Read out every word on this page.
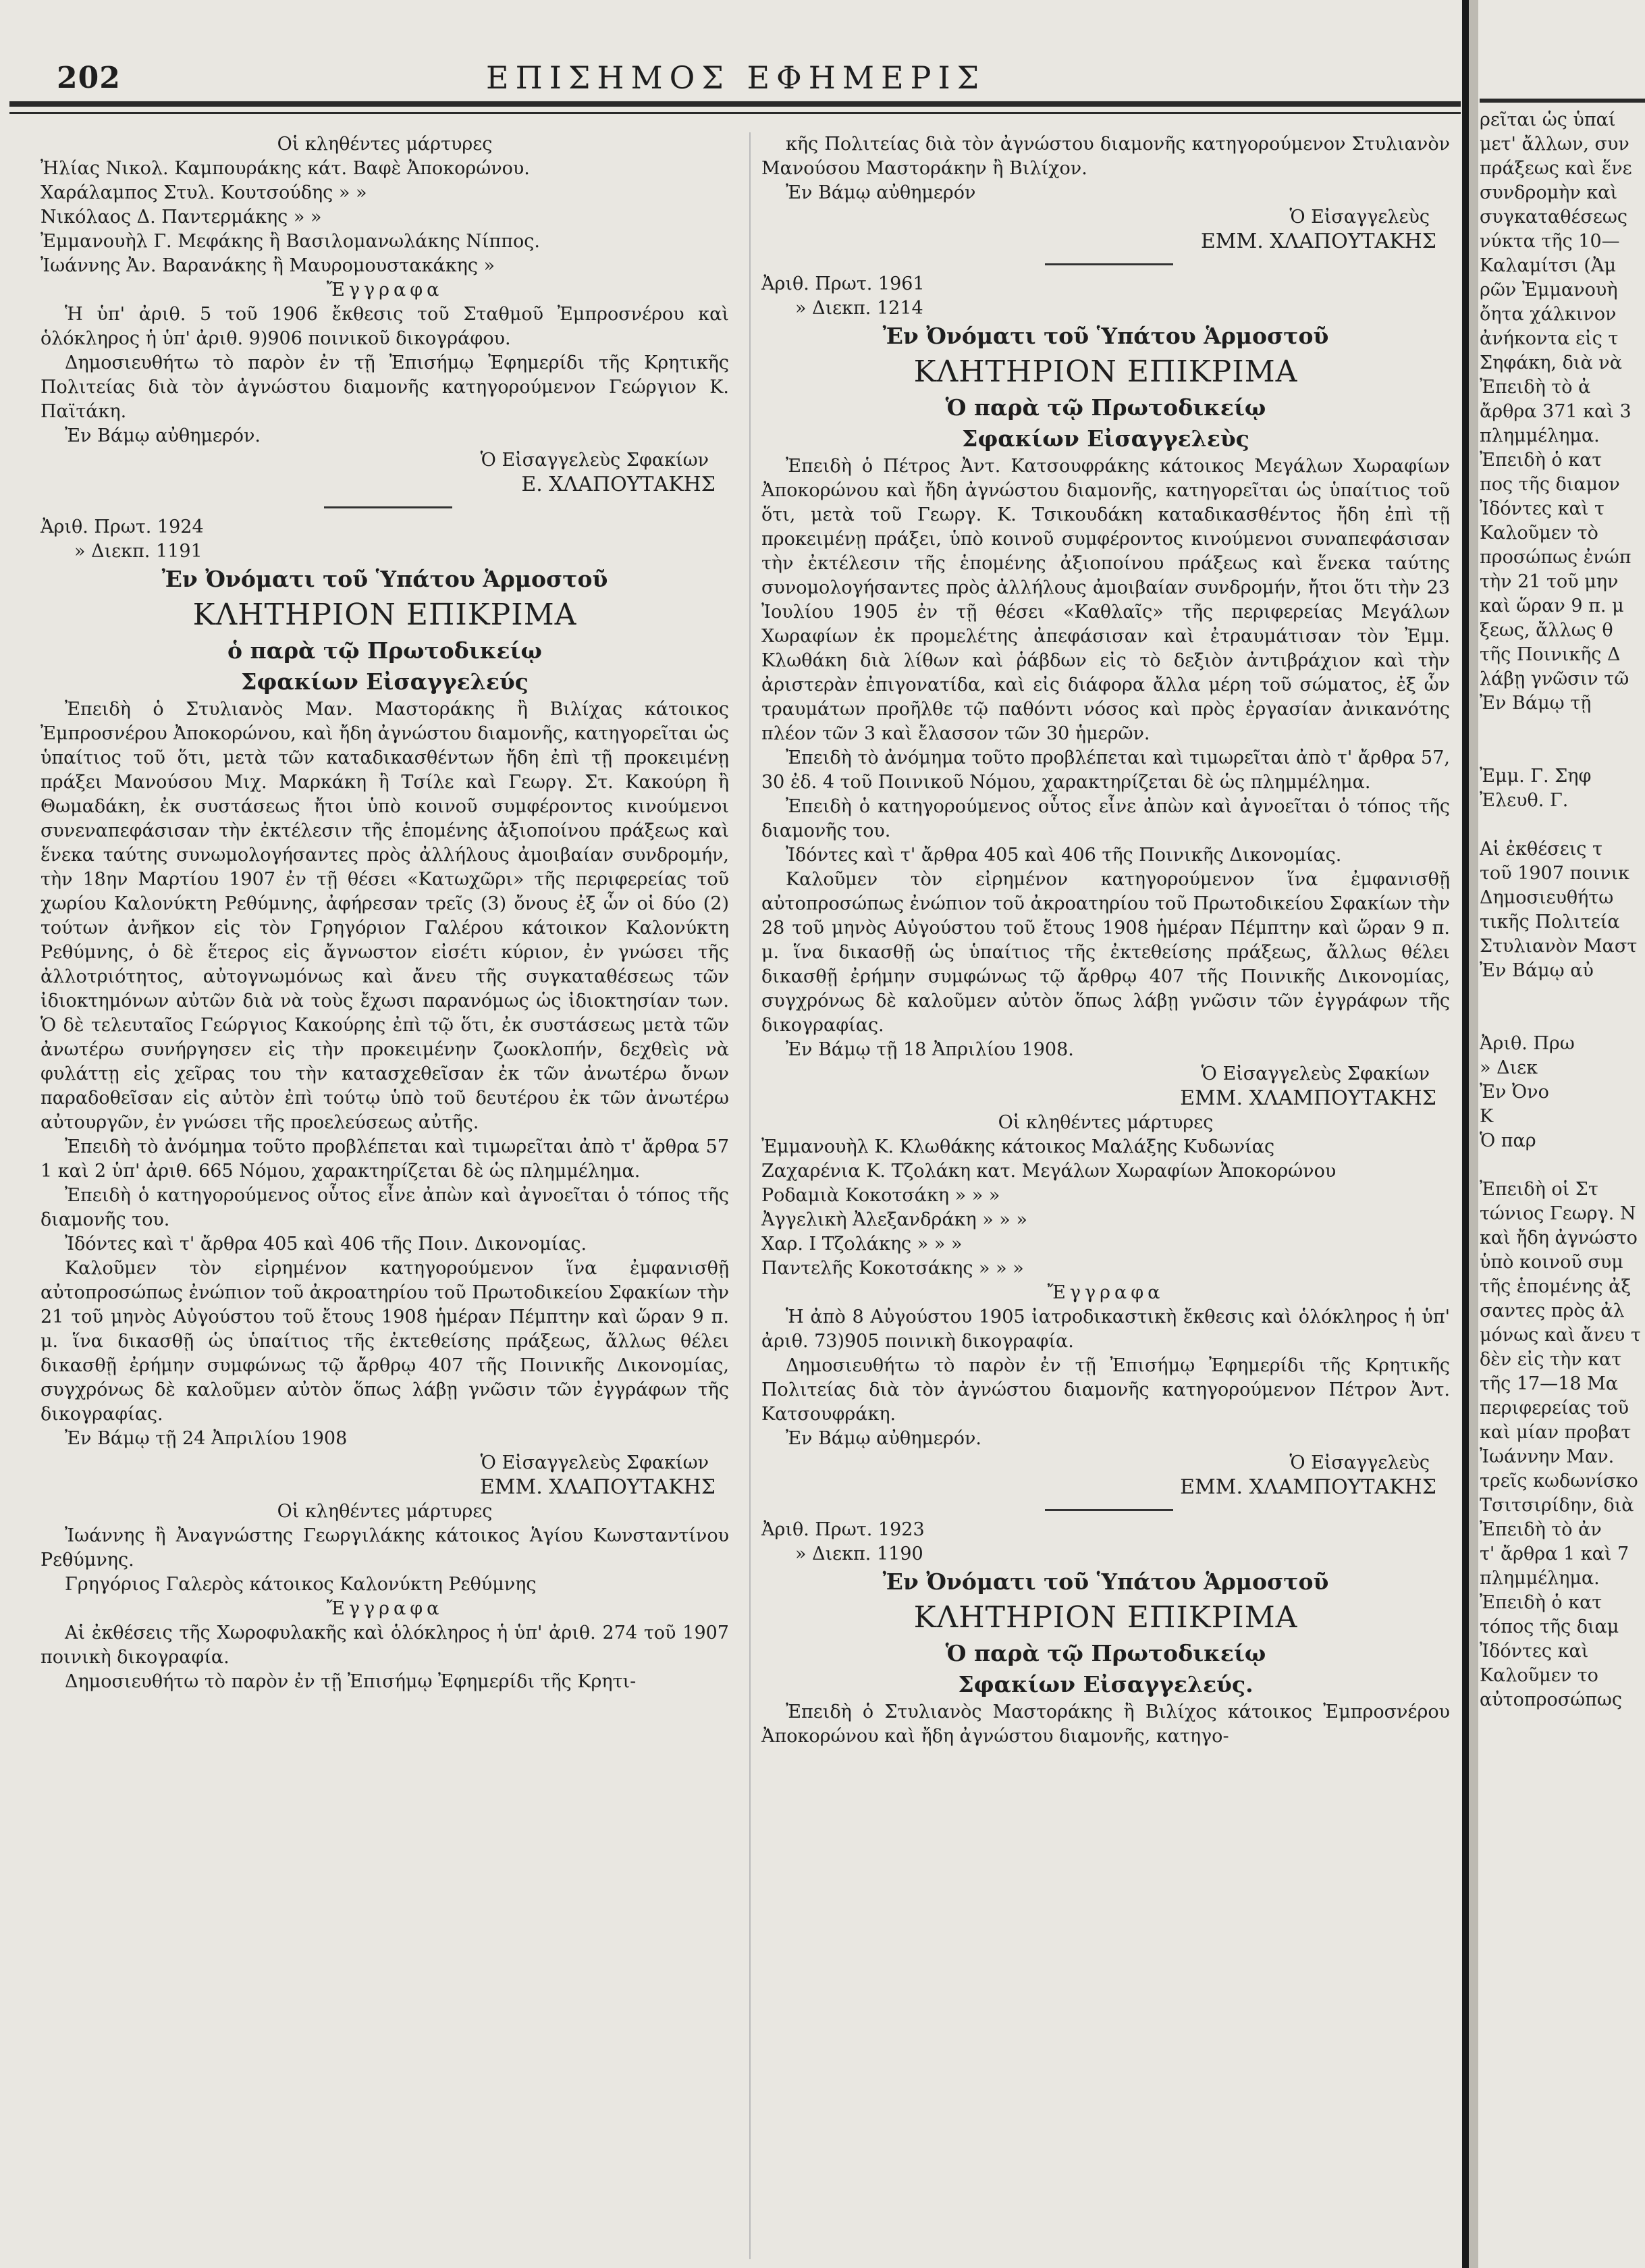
202	ΕΠΙΣΗΜΟΣ ΕΦΗΜΕΡΙΣ

Οἱ κληθέντες μάρτυρες

Ἠλίας Νικολ. Καμπουράκης κάτ. Βαφὲ Ἀποκορώνου.

Χαράλαμπος Στυλ. Κουτσούδης » »

Νικόλαος Δ. Παντερμάκης » »

Ἐμμανουὴλ Γ. Μεφάκης ἢ Βασιλομανωλάκης Νίππος.

Ἰωάννης Ἀν. Βαρανάκης ἢ Μαυρομουστακάκης »

Ἔγγραφα

Ἡ ὑπ' ἀριθ. 5 τοῦ 1906 ἔκθεσις τοῦ Σταθμοῦ Ἐμπροσνέρου καὶ ὁλόκληρος ἡ ὑπ' ἀριθ. 9)906 ποινικοῦ δικογράφου.

Δημοσιευθήτω τὸ παρὸν ἐν τῇ Ἐπισήμῳ Ἐφημερίδι τῆς Κρητικῆς Πολιτείας διὰ τὸν ἀγνώστου διαμονῆς κατηγορούμενον Γεώργιον Κ. Παϊτάκη.

Ἐν Βάμῳ αὐθημερόν.

Ὁ Εἰσαγγελεὺς Σφακίων

Ε. ΧΛΑΠΟΥΤΑΚΗΣ

Ἀριθ. Πρωτ. 1924

» Διεκπ. 1191

Ἐν Ὀνόματι τοῦ Ὑπάτου Ἁρμοστοῦ

ΚΛΗΤΗΡΙΟΝ ΕΠΙΚΡΙΜΑ

ὁ παρὰ τῷ Πρωτοδικείῳ Σφακίων Εἰσαγγελεύς

Ἐπειδὴ ὁ Στυλιανὸς Μαν. Μαστοράκης ἢ Βιλίχας κάτοικος Ἐμπροσνέρου Ἀποκορώνου, καὶ ἤδη ἀγνώστου διαμονῆς, κατηγορεῖται ὡς ὑπαίτιος τοῦ ὅτι, μετὰ τῶν καταδικασθέντων ἤδη ἐπὶ τῇ προκειμένῃ πράξει Μανούσου Μιχ. Μαρκάκη ἢ Τσίλε καὶ Γεωργ. Στ. Κακούρη ἢ Θωμαδάκη, ἐκ συστάσεως ἤτοι ὑπὸ κοινοῦ συμφέροντος κινούμενοι συνεναπεφάσισαν τὴν ἐκτέλεσιν τῆς ἑπομένης ἀξιοποίνου πράξεως καὶ ἕνεκα ταύτης συνωμολογήσαντες πρὸς ἀλλήλους ἀμοιβαίαν συνδρομήν, τὴν 18ην Μαρτίου 1907 ἐν τῇ θέσει «Κατωχῶρι» τῆς περιφερείας τοῦ χωρίου Καλονύκτη Ρεθύμνης, ἀφήρεσαν τρεῖς (3) ὄνους ἐξ ὧν οἱ δύο (2) τούτων ἀνῆκον εἰς τὸν Γρηγόριον Γαλέρου κάτοικον Καλονύκτη Ρεθύμνης, ὁ δὲ ἕτερος εἰς ἄγνωστον εἰσέτι κύριον, ἐν γνώσει τῆς ἀλλοτριότητος, αὐτογνωμόνως καὶ ἄνευ τῆς συγκαταθέσεως τῶν ἰδιοκτημόνων αὐτῶν διὰ νὰ τοὺς ἔχωσι παρανόμως ὡς ἰδιοκτησίαν των. Ὁ δὲ τελευταῖος Γεώργιος Κακούρης ἐπὶ τῷ ὅτι, ἐκ συστάσεως μετὰ τῶν ἀνωτέρω συνήργησεν εἰς τὴν προκειμένην ζωοκλοπήν, δεχθεὶς νὰ φυλάττῃ εἰς χεῖρας του τὴν κατασχεθεῖσαν ἐκ τῶν ἀνωτέρω ὄνων παραδοθεῖσαν εἰς αὐτὸν ἐπὶ τούτῳ ὑπὸ τοῦ δευτέρου ἐκ τῶν ἀνωτέρω αὐτουργῶν, ἐν γνώσει τῆς προελεύσεως αὐτῆς.

Ἐπειδὴ τὸ ἀνόμημα τοῦτο προβλέπεται καὶ τιμωρεῖται ἀπὸ τ' ἄρθρα 57 1 καὶ 2 ὑπ' ἀριθ. 665 Νόμου, χαρακτηρίζεται δὲ ὡς πλημμέλημα.

Ἐπειδὴ ὁ κατηγορούμενος οὗτος εἶνε ἀπὼν καὶ ἀγνοεῖται ὁ τόπος τῆς διαμονῆς του.

Ἰδόντες καὶ τ' ἄρθρα 405 καὶ 406 τῆς Ποιν. Δικονομίας.

Καλοῦμεν τὸν εἰρημένον κατηγορούμενον ἵνα ἐμφανισθῇ αὐτοπροσώπως ἐνώπιον τοῦ ἀκροατηρίου τοῦ Πρωτοδικείου Σφακίων τὴν 21 τοῦ μηνὸς Αὐγούστου τοῦ ἔτους 1908 ἡμέραν Πέμπτην καὶ ὥραν 9 π. μ. ἵνα δικασθῇ ὡς ὑπαίτιος τῆς ἐκτεθείσης πράξεως, ἄλλως θέλει δικασθῇ ἐρήμην συμφώνως τῷ ἄρθρῳ 407 τῆς Ποινικῆς Δικονομίας, συγχρόνως δὲ καλοῦμεν αὐτὸν ὅπως λάβῃ γνῶσιν τῶν ἐγγράφων τῆς δικογραφίας.

Ἐν Βάμῳ τῇ 24 Ἀπριλίου 1908

Ὁ Εἰσαγγελεὺς Σφακίων

ΕΜΜ. ΧΛΑΠΟΥΤΑΚΗΣ

Οἱ κληθέντες μάρτυρες

Ἰωάννης ἢ Ἀναγνώστης Γεωργιλάκης κάτοικος Ἁγίου Κωνσταντίνου Ρεθύμνης.

Γρηγόριος Γαλερὸς κάτοικος Καλονύκτη Ρεθύμνης

Ἔγγραφα

Αἱ ἐκθέσεις τῆς Χωροφυλακῆς καὶ ὁλόκληρος ἡ ὑπ' ἀριθ. 274 τοῦ 1907 ποινικὴ δικογραφία.

Δημοσιευθήτω τὸ παρὸν ἐν τῇ Ἐπισήμῳ Ἐφημερίδι τῆς Κρητι-

κῆς Πολιτείας διὰ τὸν ἀγνώστου διαμονῆς κατηγορούμενον Στυλιανὸν Μανούσου Μαστοράκην ἢ Βιλίχον.

Ἐν Βάμῳ αὐθημερόν

Ὁ Εἰσαγγελεὺς

ΕΜΜ. ΧΛΑΠΟΥΤΑΚΗΣ

Ἀριθ. Πρωτ. 1961

» Διεκπ. 1214

Ἐν Ὀνόματι τοῦ Ὑπάτου Ἁρμοστοῦ

ΚΛΗΤΗΡΙΟΝ ΕΠΙΚΡΙΜΑ

Ὁ παρὰ τῷ Πρωτοδικείῳ Σφακίων Εἰσαγγελεὺς

Ἐπειδὴ ὁ Πέτρος Ἀντ. Κατσουφράκης κάτοικος Μεγάλων Χωραφίων Ἀποκορώνου καὶ ἤδη ἀγνώστου διαμονῆς, κατηγορεῖται ὡς ὑπαίτιος τοῦ ὅτι, μετὰ τοῦ Γεωργ. Κ. Τσικουδάκη καταδικασθέντος ἤδη ἐπὶ τῇ προκειμένῃ πράξει, ὑπὸ κοινοῦ συμφέροντος κινούμενοι συναπεφάσισαν τὴν ἐκτέλεσιν τῆς ἑπομένης ἀξιοποίνου πράξεως καὶ ἕνεκα ταύτης συνομολογήσαντες πρὸς ἀλλήλους ἀμοιβαίαν συνδρομήν, ἤτοι ὅτι τὴν 23 Ἰουλίου 1905 ἐν τῇ θέσει «Καθλαῖς» τῆς περιφερείας Μεγάλων Χωραφίων ἐκ προμελέτης ἀπεφάσισαν καὶ ἐτραυμάτισαν τὸν Ἐμμ. Κλωθάκη διὰ λίθων καὶ ῥάβδων εἰς τὸ δεξιὸν ἀντιβράχιον καὶ τὴν ἀριστερὰν ἐπιγονατίδα, καὶ εἰς διάφορα ἄλλα μέρη τοῦ σώματος, ἐξ ὧν τραυμάτων προῆλθε τῷ παθόντι νόσος καὶ πρὸς ἐργασίαν ἀνικανότης πλέον τῶν 3 καὶ ἔλασσον τῶν 30 ἡμερῶν.

Ἐπειδὴ τὸ ἀνόμημα τοῦτο προβλέπεται καὶ τιμωρεῖται ἀπὸ τ' ἄρθρα 57, 30 ἐδ. 4 τοῦ Ποινικοῦ Νόμου, χαρακτηρίζεται δὲ ὡς πλημμέλημα.

Ἐπειδὴ ὁ κατηγορούμενος οὗτος εἶνε ἀπὼν καὶ ἀγνοεῖται ὁ τόπος τῆς διαμονῆς του.

Ἰδόντες καὶ τ' ἄρθρα 405 καὶ 406 τῆς Ποινικῆς Δικονομίας.

Καλοῦμεν τὸν εἰρημένον κατηγορούμενον ἵνα ἐμφανισθῇ αὐτοπροσώπως ἐνώπιον τοῦ ἀκροατηρίου τοῦ Πρωτοδικείου Σφακίων τὴν 28 τοῦ μηνὸς Αὐγούστου τοῦ ἔτους 1908 ἡμέραν Πέμπτην καὶ ὥραν 9 π. μ. ἵνα δικασθῇ ὡς ὑπαίτιος τῆς ἐκτεθείσης πράξεως, ἄλλως θέλει δικασθῇ ἐρήμην συμφώνως τῷ ἄρθρῳ 407 τῆς Ποινικῆς Δικονομίας, συγχρόνως δὲ καλοῦμεν αὐτὸν ὅπως λάβῃ γνῶσιν τῶν ἐγγράφων τῆς δικογραφίας.

Ἐν Βάμῳ τῇ 18 Ἀπριλίου 1908.

Ὁ Εἰσαγγελεὺς Σφακίων

ΕΜΜ. ΧΛΑΜΠΟΥΤΑΚΗΣ

Οἱ κληθέντες μάρτυρες

Ἐμμανουὴλ Κ. Κλωθάκης κάτοικος Μαλάξης Κυδωνίας

Ζαχαρένια Κ. Τζολάκη κατ. Μεγάλων Χωραφίων Ἀποκορώνου

Ροδαμιὰ Κοκοτσάκη » » »

Ἀγγελικὴ Ἀλεξανδράκη » » »

Χαρ. Ι Τζολάκης » » »

Παντελῆς Κοκοτσάκης » » »

Ἔγγραφα

Ἡ ἀπὸ 8 Αὐγούστου 1905 ἰατροδικαστικὴ ἔκθεσις καὶ ὁλόκληρος ἡ ὑπ' ἀριθ. 73)905 ποινικὴ δικογραφία.

Δημοσιευθήτω τὸ παρὸν ἐν τῇ Ἐπισήμῳ Ἐφημερίδι τῆς Κρητικῆς Πολιτείας διὰ τὸν ἀγνώστου διαμονῆς κατηγορούμενον Πέτρον Ἀντ. Κατσουφράκη.

Ἐν Βάμῳ αὐθημερόν.

Ὁ Εἰσαγγελεὺς

ΕΜΜ. ΧΛΑΜΠΟΥΤΑΚΗΣ

Ἀριθ. Πρωτ. 1923

» Διεκπ. 1190

Ἐν Ὀνόματι τοῦ Ὑπάτου Ἁρμοστοῦ

ΚΛΗΤΗΡΙΟΝ ΕΠΙΚΡΙΜΑ

Ὁ παρὰ τῷ Πρωτοδικείῳ Σφακίων Εἰσαγγελεύς.

Ἐπειδὴ ὁ Στυλιανὸς Μαστοράκης ἢ Βιλίχος κάτοικος Ἐμπροσνέρου Ἀποκορώνου καὶ ἤδη ἀγνώστου διαμονῆς, κατηγο-

ρεῖται ὡς ὑπαί

μετ' ἄλλων, συν

πράξεως καὶ ἕνε

συνδρομὴν καὶ

συγκαταθέσεως

νύκτα τῆς 10—

Καλαμίτσι (Ἀμ

ρῶν Ἐμμανουὴ

ὄητα χάλκινον

ἀνήκοντα εἰς τ

Σηφάκη, διὰ νὰ

Ἐπειδὴ τὸ ἀ

ἄρθρα 371 καὶ 3

πλημμέλημα.

Ἐπειδὴ ὁ κατ

πος τῆς διαμον

Ἰδόντες καὶ τ

Καλοῦμεν τὸ

προσώπως ἐνώπ

τὴν 21 τοῦ μην

καὶ ὥραν 9 π. μ

ξεως, ἄλλως θ

τῆς Ποινικῆς Δ

λάβῃ γνῶσιν τῶ

Ἐν Βάμῳ τῇ

Ἐμμ. Γ. Σηφ

Ἐλευθ. Γ.

Αἱ ἐκθέσεις τ

τοῦ 1907 ποινικ

Δημοσιευθήτω

τικῆς Πολιτεία

Στυλιανὸν Μαστ

Ἐν Βάμῳ αὐ

Ἀριθ. Πρω

» Διεκ

Ἐν Ὀνο

Κ

Ὁ παρ

Ἐπειδὴ οἱ Στ

τώνιος Γεωργ. Ν

καὶ ἤδη ἀγνώστο

ὑπὸ κοινοῦ συμ

τῆς ἑπομένης ἀξ

σαντες πρὸς ἀλ

μόνως καὶ ἄνευ τ

δὲν εἰς τὴν κατ

τῆς 17—18 Μα

περιφερείας τοῦ

καὶ μίαν προβατ

Ἰωάννην Μαν.

τρεῖς κωδωνίσκο

Τσιτσιρίδην, διὰ

Ἐπειδὴ τὸ ἀν

τ' ἄρθρα 1 καὶ 7

πλημμέλημα.

Ἐπειδὴ ὁ κατ

τόπος τῆς διαμ

Ἰδόντες καὶ

Καλοῦμεν το

αὐτοπροσώπως
